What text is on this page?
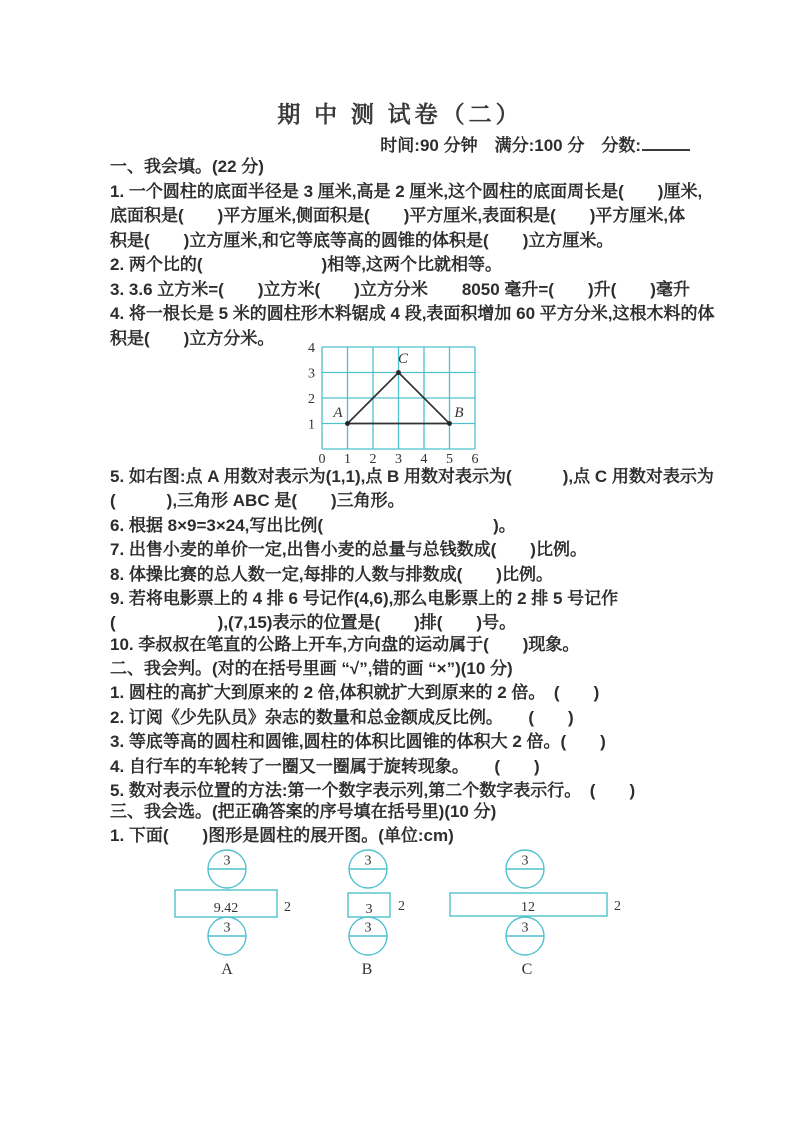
期 中 测 试卷（二）
时间:90 分钟　满分:100 分　分数:
一、我会填。(22 分)
1. 一个圆柱的底面半径是 3 厘米,高是 2 厘米,这个圆柱的底面周长是(　　)厘米,
底面积是(　　)平方厘米,侧面积是(　　)平方厘米,表面积是(　　)平方厘米,体
积是(　　)立方厘米,和它等底等高的圆锥的体积是(　　)立方厘米。
2. 两个比的(　　　　　　　)相等,这两个比就相等。
3. 3.6 立方米=(　　)立方米(　　)立方分米　　8050 毫升=(　　)升(　　)毫升
4. 将一根长是 5 米的圆柱形木料锯成 4 段,表面积增加 60 平方分米,这根木料的体
积是(　　)立方分米。
4
3
2
1
0 1 2 3 4 5 6
A	B
C
5. 如右图:点 A 用数对表示为(1,1),点 B 用数对表示为(　　　),点 C 用数对表示为
(　　　),三角形 ABC 是(　　)三角形。
6. 根据 8×9=3×24,写出比例(　　　　　　　　　　)。
7. 出售小麦的单价一定,出售小麦的总量与总钱数成(　　)比例。
8. 体操比赛的总人数一定,每排的人数与排数成(　　)比例。
9. 若将电影票上的 4 排 6 号记作(4,6),那么电影票上的 2 排 5 号记作
(　　　　　　),(7,15)表示的位置是(　　)排(　　)号。
10. 李叔叔在笔直的公路上开车,方向盘的运动属于(　　)现象。
二、我会判。(对的在括号里画 “√”,错的画 “×”)(10 分)
1. 圆柱的高扩大到原来的 2 倍,体积就扩大到原来的 2 倍。　(　　)
2. 订阅《少先队员》杂志的数量和总金额成反比例。　　(　　)
3. 等底等高的圆柱和圆锥,圆柱的体积比圆锥的体积大 2 倍。(　　)
4. 自行车的车轮转了一圈又一圈属于旋转现象。　　(　　)
5. 数对表示位置的方法:第一个数字表示列,第二个数字表示行。　(　　)
三、我会选。(把正确答案的序号填在括号里)(10 分)
1. 下面(　　)图形是圆柱的展开图。(单位:cm)
3
9.42	2
3
A
3
3 2
3
B
3
12	2
3
C
